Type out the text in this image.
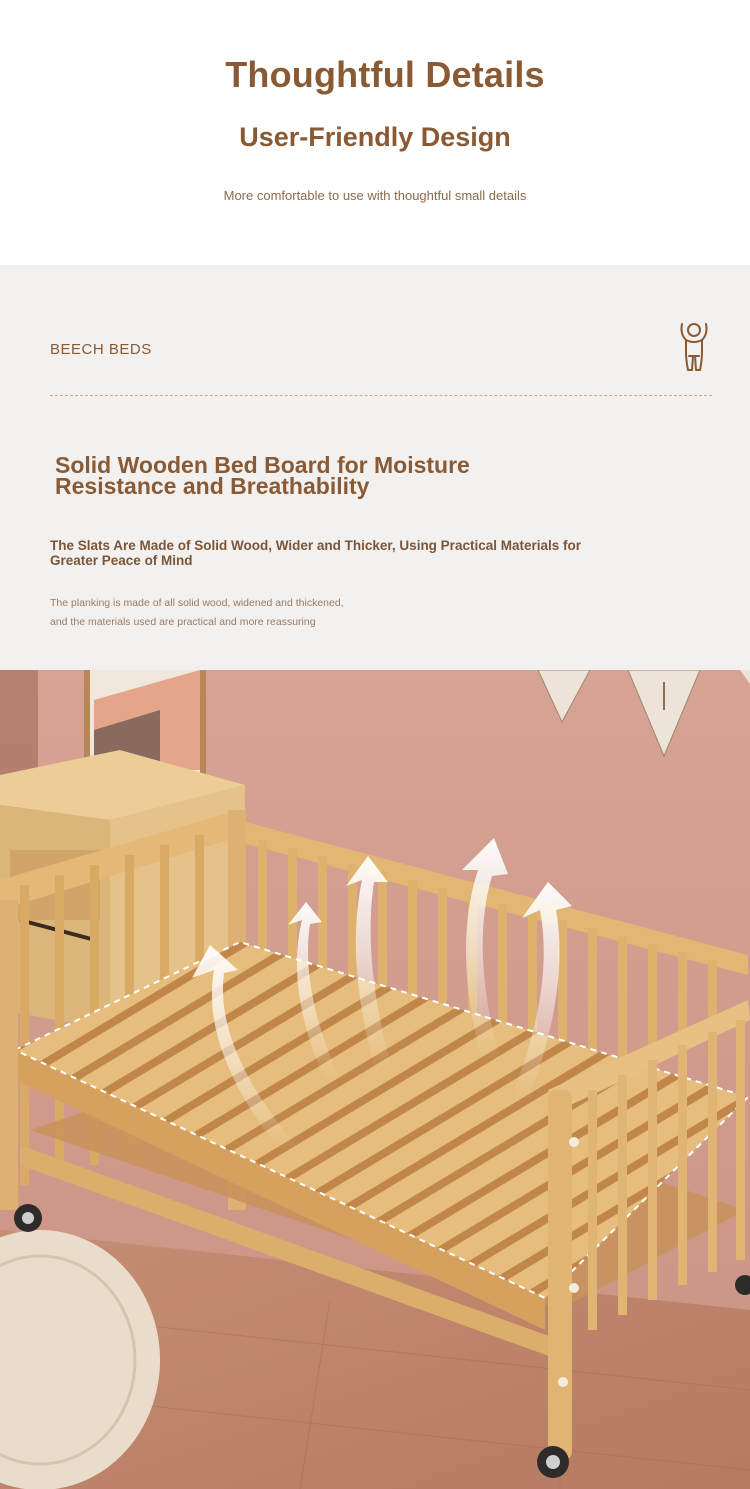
Thoughtful Details
User-Friendly Design
More comfortable to use with thoughtful small details
BEECH BEDS
Solid Wooden Bed Board for Moisture
Resistance and Breathability
The Slats Are Made of Solid Wood, Wider and Thicker, Using Practical Materials for
Greater Peace of Mind
The planking is made of all solid wood, widened and thickened,
and the materials used are practical and more reassuring
